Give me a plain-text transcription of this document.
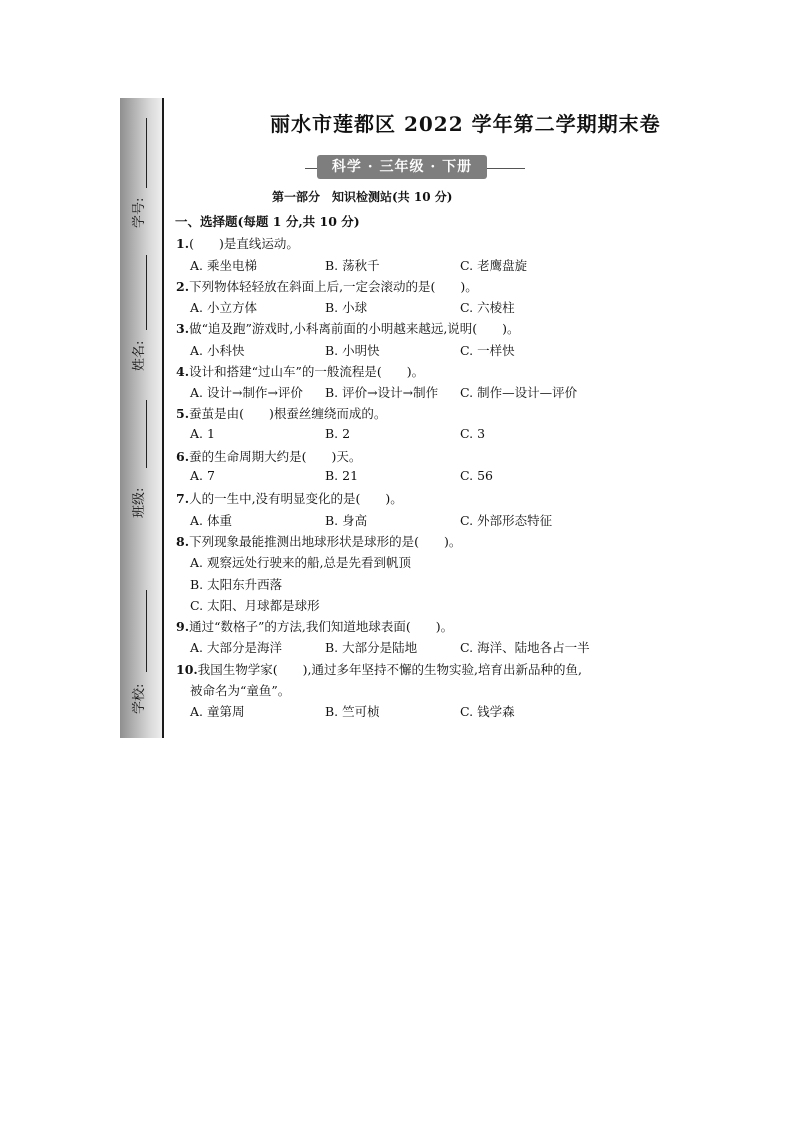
学号:
姓名:
班级:
学校:
丽水市莲都区 2022 学年第二学期期末卷
科学 · 三年级 · 下册
第一部分　知识检测站(共 10 分)
一、选择题(每题 1 分,共 10 分)
1.(　　)是直线运动。
A. 乘坐电梯	B. 荡秋千	C. 老鹰盘旋
2.下列物体轻轻放在斜面上后,一定会滚动的是(　　)。
A. 小立方体	B. 小球	C. 六棱柱
3.做“追及跑”游戏时,小科离前面的小明越来越远,说明(　　)。
A. 小科快	B. 小明快	C. 一样快
4.设计和搭建“过山车”的一般流程是(　　)。
A. 设计→制作→评价 B. 评价→设计→制作 C. 制作—设计—评价
5.蚕茧是由(　　)根蚕丝缠绕而成的。
A. 1	B. 2	C. 3
6.蚕的生命周期大约是(　　)天。
A. 7	B. 21	C. 56
7.人的一生中,没有明显变化的是(　　)。
A. 体重	B. 身高	C. 外部形态特征
8.下列现象最能推测出地球形状是球形的是(　　)。
A. 观察远处行驶来的船,总是先看到帆顶
B. 太阳东升西落
C. 太阳、月球都是球形
9.通过“数格子”的方法,我们知道地球表面(　　)。
A. 大部分是海洋	B. 大部分是陆地	C. 海洋、陆地各占一半
10.我国生物学家(　　),通过多年坚持不懈的生物实验,培育出新品种的鱼,
被命名为“童鱼”。
A. 童第周	B. 竺可桢	C. 钱学森
